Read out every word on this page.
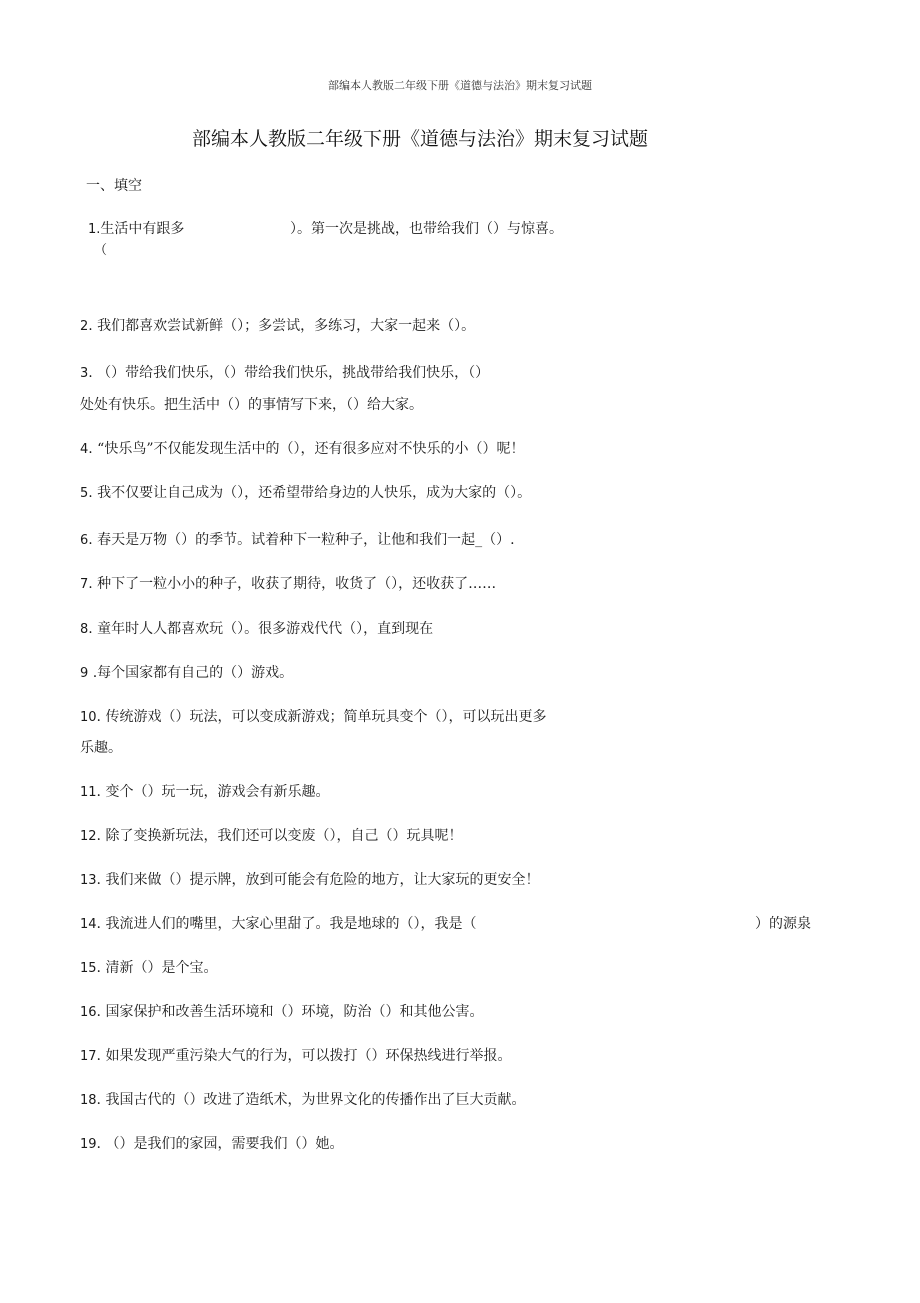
部编本人教版二年级下册《道德与法治》期末复习试题
部编本人教版二年级下册《道德与法治》期末复习试题
一、填空
1.生活中有跟多	）。第一次是挑战，也带给我们（）与惊喜。
（
2. 我们都喜欢尝试新鲜（）；多尝试，多练习，大家一起来（）。
3. （）带给我们快乐，（）带给我们快乐，挑战带给我们快乐，（）
处处有快乐。把生活中（）的事情写下来，（）给大家。
4. “快乐鸟”不仅能发现生活中的（），还有很多应对不快乐的小（）呢！
5. 我不仅要让自己成为（），还希望带给身边的人快乐，成为大家的（）。
6. 春天是万物（）的季节。试着种下一粒种子，让他和我们一起_（）.
7. 种下了一粒小小的种子，收获了期待，收货了（），还收获了……
8. 童年时人人都喜欢玩（）。很多游戏代代（），直到现在
9 .每个国家都有自己的（）游戏。
10. 传统游戏（）玩法，可以变成新游戏；简单玩具变个（），可以玩出更多
乐趣。
11. 变个（）玩一玩，游戏会有新乐趣。
12. 除了变换新玩法，我们还可以变废（），自己（）玩具呢！
13. 我们来做（）提示牌，放到可能会有危险的地方，让大家玩的更安全！
14. 我流进人们的嘴里，大家心里甜了。我是地球的（），我是（	）的源泉
15. 清新（）是个宝。
16. 国家保护和改善生活环境和（）环境，防治（）和其他公害。
17. 如果发现严重污染大气的行为，可以拨打（）环保热线进行举报。
18. 我国古代的（）改进了造纸术，为世界文化的传播作出了巨大贡献。
19. （）是我们的家园，需要我们（）她。
